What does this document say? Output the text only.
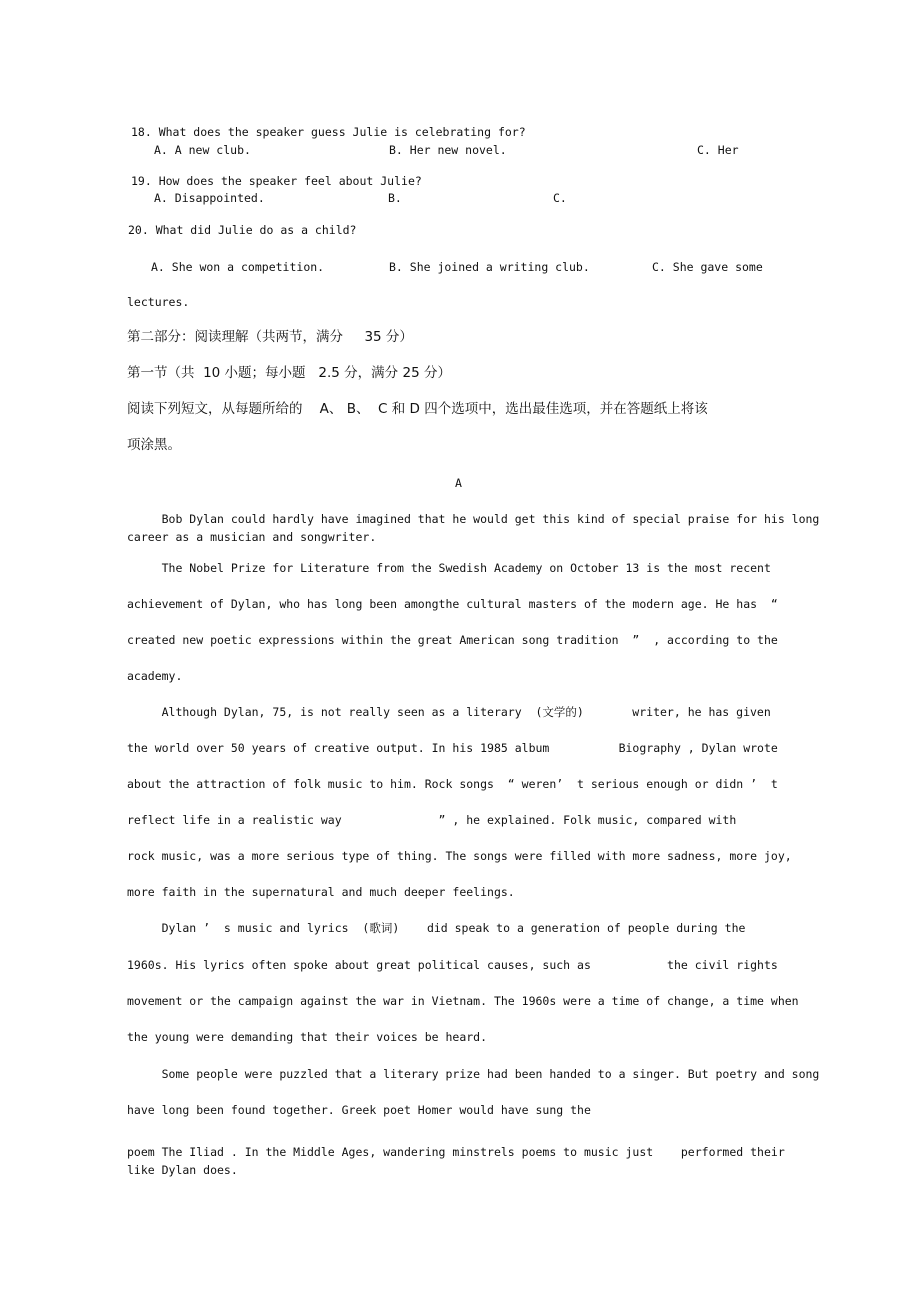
18. What does the speaker guess Julie is celebrating for?
A. A new club.	B. Her new novel.	C. Her
19. How does the speaker feel about Julie?
A. Disappointed.	B.	C.
20. What did Julie do as a child?
A. She won a competition.	B. She joined a writing club.	C. She gave some
lectures.
第二部分：阅读理解（共两节，满分     35 分）
第一节（共  10 小题；每小题   2.5 分，满分 25 分）
阅读下列短文，从每题所给的    A、 B、  C 和 D 四个选项中，选出最佳选项，并在答题纸上将该
项涂黑。
A
Bob Dylan could hardly have imagined that he would get this kind of special praise for his long
career as a musician and songwriter.
The Nobel Prize for Literature from the Swedish Academy on October 13 is the most recent
achievement of Dylan, who has long been amongthe cultural masters of the modern age. He has  “
created new poetic expressions within the great American song tradition  ”  , according to the
academy.
Although Dylan, 75, is not really seen as a literary  (文学的)       writer, he has given
the world over 50 years of creative output. In his 1985 album          Biography , Dylan wrote
about the attraction of folk music to him. Rock songs  “ weren’  t serious enough or didn ’  t
reflect life in a realistic way              ” , he explained. Folk music, compared with
rock music, was a more serious type of thing. The songs were filled with more sadness, more joy,
more faith in the supernatural and much deeper feelings.
Dylan ’  s music and lyrics  (歌词)    did speak to a generation of people during the
1960s. His lyrics often spoke about great political causes, such as           the civil rights
movement or the campaign against the war in Vietnam. The 1960s were a time of change, a time when
the young were demanding that their voices be heard.
Some people were puzzled that a literary prize had been handed to a singer. But poetry and song
have long been found together. Greek poet Homer would have sung the
poem The Iliad . In the Middle Ages, wandering minstrels poems to music just    performed their
like Dylan does.
